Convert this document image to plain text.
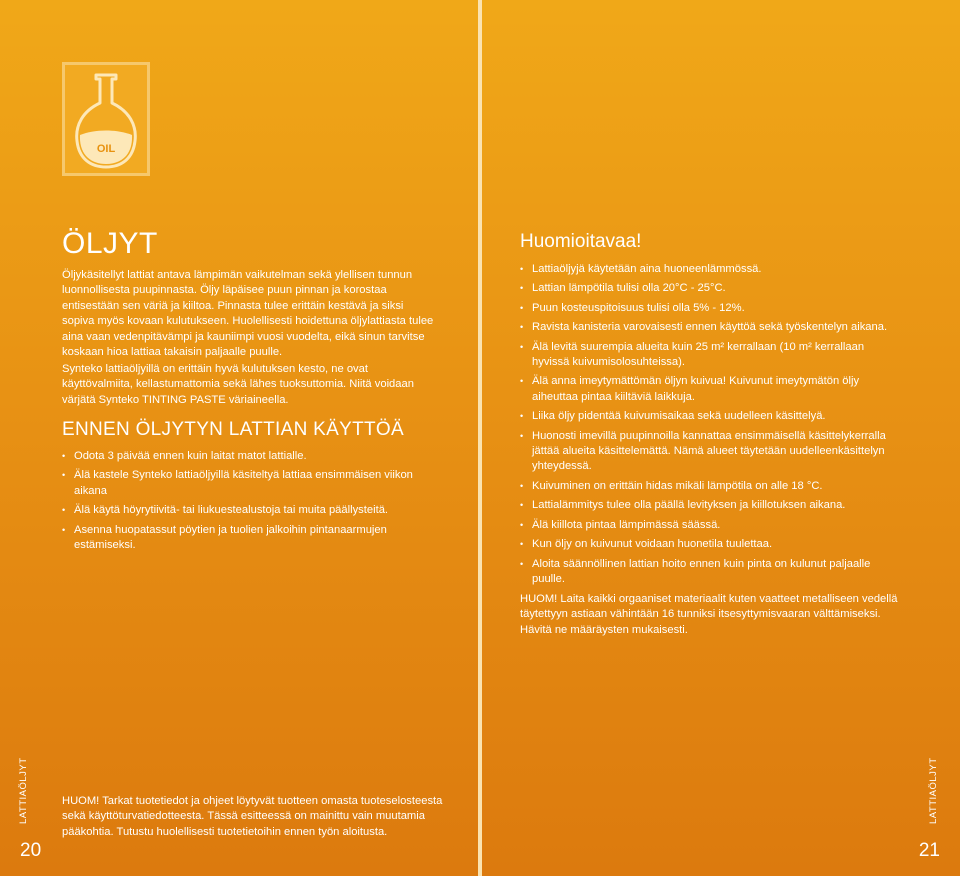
OIL
ÖLJYT

Öljykäsitellyt lattiat antava lämpimän vaikutelman sekä ylellisen tunnun luonnollisesta puupinnasta. Öljy läpäisee puun pinnan ja korostaa entisestään sen väriä ja kiiltoa. Pinnasta tulee erittäin kestävä ja siksi sopiva myös kovaan kulutukseen. Huolellisesti hoidettuna öljylattiasta tulee aina vaan vedenpitävämpi ja kauniimpi vuosi vuodelta, eikä sinun tarvitse koskaan hioa lattiaa takaisin paljaalle puulle.

Synteko lattiaöljyillä on erittäin hyvä kulutuksen kesto, ne ovat käyttövalmiita, kellastumattomia sekä lähes tuoksuttomia. Niitä voidaan värjätä Synteko TINTING PASTE väriaineella.

ENNEN ÖLJYTYN LATTIAN KÄYTTÖÄ
• Odota 3 päivää ennen kuin laitat matot lattialle.
• Älä kastele Synteko lattiaöljyillä käsiteltyä lattiaa ensimmäisen viikon aikana
• Älä käytä höyrytiivitä- tai liukuestealustoja tai muita päällysteitä.
• Asenna huopatassut pöytien ja tuolien jalkoihin pintanaarmujen estämiseksi.

HUOM! Tarkat tuotetiedot ja ohjeet löytyvät tuotteen omasta tuoteselosteesta sekä käyttöturvatiedotteesta. Tässä esitteessä on mainittu vain muutamia pääkohtia. Tutustu huolellisesti tuotetietoihin ennen työn aloitusta.

LATTIAÖLJYT
20
Huomioitavaa!
• Lattiaöljyjä käytetään aina huoneenlämmössä.
• Lattian lämpötila tulisi olla 20°C - 25°C.
• Puun kosteuspitoisuus tulisi olla 5% - 12%.
• Ravista kanisteria varovaisesti ennen käyttöä sekä työskentelyn aikana.
• Älä levitä suurempia alueita kuin 25 m² kerrallaan (10 m² kerrallaan hyvissä kuivumisolosuhteissa).
• Älä anna imeytymättömän öljyn kuivua! Kuivunut imeytymätön öljy aiheuttaa pintaa kiiltäviä laikkuja.
• Liika öljy pidentää kuivumisaikaa sekä uudelleen käsittelyä.
• Huonosti imevillä puupinnoilla kannattaa ensimmäisellä käsittelykerralla jättää alueita käsittelemättä. Nämä alueet täytetään uudelleenkäsittelyn yhteydessä.
• Kuivuminen on erittäin hidas mikäli lämpötila on alle 18 °C.
• Lattialämmitys tulee olla päällä levityksen ja kiillotuksen aikana.
• Älä kiillota pintaa lämpimässä säässä.
• Kun öljy on kuivunut voidaan huonetila tuulettaa.
• Aloita säännöllinen lattian hoito ennen kuin pinta on kulunut paljaalle puulle.

HUOM! Laita kaikki orgaaniset materiaalit kuten vaatteet metalliseen vedellä täytettyyn astiaan vähintään 16 tunniksi itsesyttymisvaaran välttämiseksi. Hävitä ne määräysten mukaisesti.

LATTIAÖLJYT
21
